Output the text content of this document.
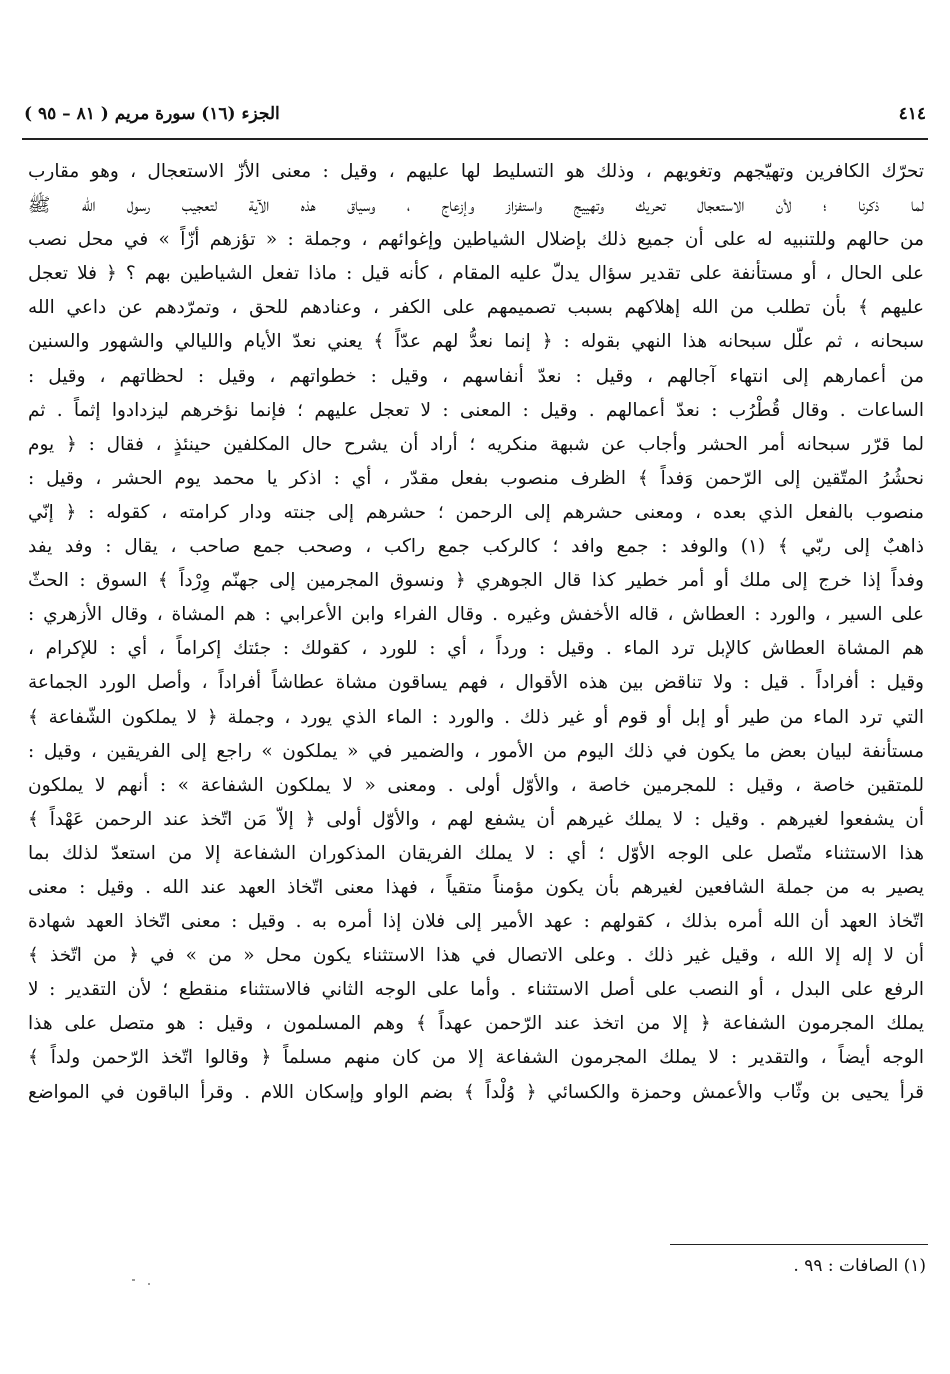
٤١٤
الجزء (١٦) سورة مريم ( ٨١ – ٩٥ )
تحرّك الكافرين وتهيّجهم وتغويهم ، وذلك هو التسليط لها عليهم ، وقيل : معنى الأزّ الاستعجال ، وهو مقارب
لما ذكرنا ؛ لأن الاستعجال تحريك وتهييج واستفزاز وإزعاج ، وسياق هذه الآية لتعجيب رسول الله ﷺ
من حالهم وللتنبيه له على أن جميع ذلك بإضلال الشياطين وإغوائهم ، وجملة : « تؤزهم أزّاً » في محل نصب
على الحال ، أو مستأنفة على تقدير سؤال يدلّ عليه المقام ، كأنه قيل : ماذا تفعل الشياطين بهم ؟ ﴿ فلا تعجل
عليهم ﴾ بأن تطلب من الله إهلاكهم بسبب تصميمهم على الكفر ، وعنادهم للحق ، وتمرّدهم عن داعي الله
سبحانه ، ثم علّل سبحانه هذا النهي بقوله : ﴿ إنما نعدُّ لهم عدّاً ﴾ يعني نعدّ الأيام والليالي والشهور والسنين
من أعمارهم إلى انتهاء آجالهم ، وقيل : نعدّ أنفاسهم ، وقيل : خطواتهم ، وقيل : لحظاتهم ، وقيل :
الساعات . وقال قُطْرُب : نعدّ أعمالهم . وقيل : المعنى : لا تعجل عليهم ؛ فإنما نؤخرهم ليزدادوا إثماً . ثم
لما قرّر سبحانه أمر الحشر وأجاب عن شبهة منكريه ؛ أراد أن يشرح حال المكلفين حينئذٍ ، فقال : ﴿ يوم
نحشُرُ المتّقين إلى الرّحمن وَفداً ﴾ الظرف منصوب بفعل مقدّر ، أي : اذكر يا محمد يوم الحشر ، وقيل :
منصوب بالفعل الذي بعده ، ومعنى حشرهم إلى الرحمن ؛ حشرهم إلى جنته ودار كرامته ، كقوله : ﴿ إنّي
ذاهبٌ إلى ربّي ﴾ (١) والوفد : جمع وافد ؛ كالركب جمع راكب ، وصحب جمع صاحب ، يقال : وفد يفد
وفداً إذا خرج إلى ملك أو أمر خطير كذا قال الجوهري ﴿ ونسوق المجرمين إلى جهنّم وِرْداً ﴾ السوق : الحثّ
على السير ، والورد : العطاش ، قاله الأخفش وغيره . وقال الفراء وابن الأعرابي : هم المشاة ، وقال الأزهري :
هم المشاة العطاش كالإبل ترد الماء . وقيل : ورداً ، أي : للورد ، كقولك : جئتك إكراماً ، أي : للإكرام ،
وقيل : أفراداً . قيل : ولا تناقض بين هذه الأقوال ، فهم يساقون مشاة عطاشاً أفراداً ، وأصل الورد الجماعة
التي ترد الماء من طير أو إبل أو قوم أو غير ذلك . والورد : الماء الذي يورد ، وجملة ﴿ لا يملكون الشّفاعة ﴾
مستأنفة لبيان بعض ما يكون في ذلك اليوم من الأمور ، والضمير في « يملكون » راجع إلى الفريقين ، وقيل :
للمتقين خاصة ، وقيل : للمجرمين خاصة ، والأوّل أولى . ومعنى « لا يملكون الشفاعة » : أنهم لا يملكون
أن يشفعوا لغيرهم . وقيل : لا يملك غيرهم أن يشفع لهم ، والأوّل أولى ﴿ إلاّ مَن اتّخذ عند الرحمن عَهْداً ﴾
هذا الاستثناء متّصل على الوجه الأوّل ؛ أي : لا يملك الفريقان المذكوران الشفاعة إلا من استعدّ لذلك بما
يصير به من جملة الشافعين لغيرهم بأن يكون مؤمناً متقياً ، فهذا معنى اتّخاذ العهد عند الله . وقيل : معنى
اتّخاذ العهد أن الله أمره بذلك ، كقولهم : عهد الأمير إلى فلان إذا أمره به . وقيل : معنى اتّخاذ العهد شهادة
أن لا إله إلا الله ، وقيل غير ذلك . وعلى الاتصال في هذا الاستثناء يكون محل « من » في ﴿ من اتّخذ ﴾
الرفع على البدل ، أو النصب على أصل الاستثناء . وأما على الوجه الثاني فالاستثناء منقطع ؛ لأن التقدير : لا
يملك المجرمون الشفاعة ﴿ إلا من اتخذ عند الرّحمن عهداً ﴾ وهم المسلمون ، وقيل : هو متصل على هذا
الوجه أيضاً ، والتقدير : لا يملك المجرمون الشفاعة إلا من كان منهم مسلماً ﴿ وقالوا اتّخذ الرّحمن ولداً ﴾
قرأ يحيى بن وثّاب والأعمش وحمزة والكسائي ﴿ وُلْداً ﴾ بضم الواو وإسكان اللام . وقرأ الباقون في المواضع
(١) الصافات : ٩٩ .
